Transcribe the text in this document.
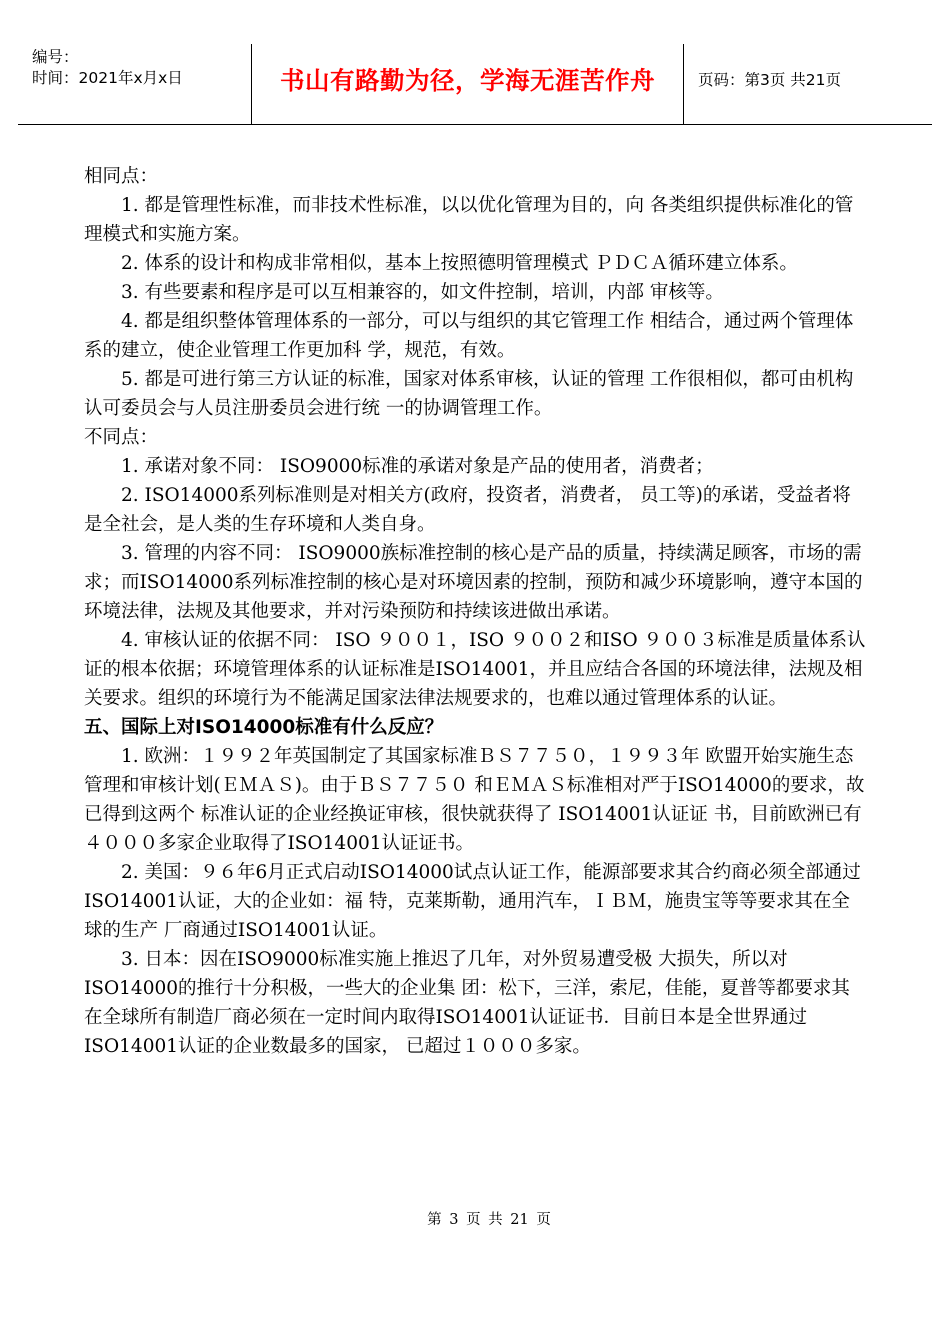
编号：
时间：2021年x月x日	书山有路勤为径，学海无涯苦作舟	页码：第3页 共21页

相同点：

1. 都是管理性标准，而非技术性标准，以以优化管理为目的，向 各类组织提供标准化的管理模式和实施方案。

2. 体系的设计和构成非常相似，基本上按照德明管理模式 ＰＤＣＡ循环建立体系。

3. 有些要素和程序是可以互相兼容的，如文件控制，培训，内部 审核等。

4. 都是组织整体管理体系的一部分，可以与组织的其它管理工作 相结合，通过两个管理体系的建立，使企业管理工作更加科 学，规范，有效。

5. 都是可进行第三方认证的标准，国家对体系审核，认证的管理 工作很相似，都可由机构认可委员会与人员注册委员会进行统 一的协调管理工作。

不同点：

1. 承诺对象不同： ISO9000标准的承诺对象是产品的使用者，消费者；

2. ISO14000系列标准则是对相关方(政府，投资者，消费者， 员工等)的承诺，受益者将是全社会，是人类的生存环境和人类自身。

3. 管理的内容不同： ISO9000族标准控制的核心是产品的质量，持续满足顾客，市场的需求；而ISO14000系列标准控制的核心是对环境因素的控制，预防和减少环境影响，遵守本国的环境法律，法规及其他要求，并对污染预防和持续该进做出承诺。

4. 审核认证的依据不同： ISO ９００１，ISO ９００２和ISO ９００３标准是质量体系认证的根本依据；环境管理体系的认证标准是ISO14001，并且应结合各国的环境法律，法规及相关要求。组织的环境行为不能满足国家法律法规要求的，也难以通过管理体系的认证。

五、国际上对ISO14000标准有什么反应？

1. 欧洲：１９９２年英国制定了其国家标准ＢＳ７７５０，１９９３年 欧盟开始实施生态管理和审核计划(ＥＭＡＳ)。由于ＢＳ７７５０ 和ＥＭＡＳ标准相对严于ISO14000的要求，故已得到这两个 标准认证的企业经换证审核，很快就获得了 ISO14001认证证 书，目前欧洲已有４０００多家企业取得了ISO14001认证证书。

2. 美国：９６年6月正式启动ISO14000试点认证工作，能源部要求其合约商必须全部通过ISO14001认证，大的企业如：福 特，克莱斯勒，通用汽车，ＩＢＭ，施贵宝等等要求其在全球的生产 厂商通过ISO14001认证。

3. 日本：因在ISO9000标准实施上推迟了几年，对外贸易遭受极 大损失，所以对ISO14000的推行十分积极，一些大的企业集 团：松下，三洋，索尼，佳能，夏普等都要求其在全球所有制造厂商必须在一定时间内取得ISO14001认证证书．目前日本是全世界通过ISO14001认证的企业数最多的国家， 已超过１０００多家。

第 3 页 共 21 页
